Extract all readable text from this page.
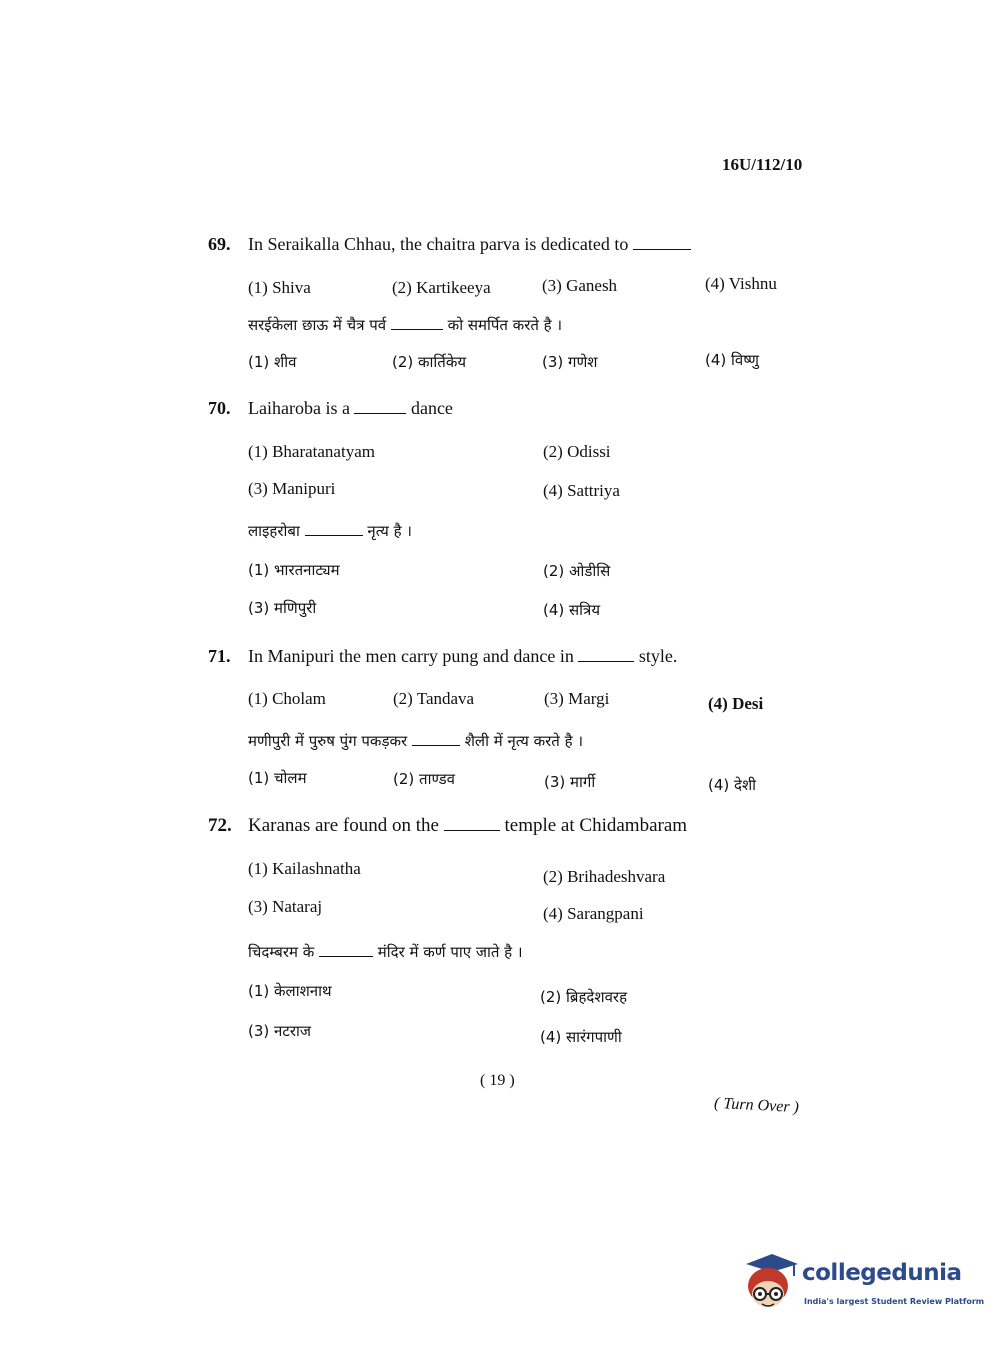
16U/112/10
69. In Seraikalla Chhau, the chaitra parva is dedicated to
(1) Shiva	(2) Kartikeeya	(3) Ganesh	(4) Vishnu
सरईकेला छाऊ में चैत्र पर्व	को समर्पित करते है ।
(1) शीव	(2) कार्तिकेय	(3) गणेश	(4) विष्णु
70. Laiharoba is a	dance
(1) Bharatanatyam	(2) Odissi
(3) Manipuri	(4) Sattriya
लाइहरोबा	नृत्य है ।
(1) भारतनाट्यम	(2) ओडीसि
(3) मणिपुरी	(4) सत्रिय
71. In Manipuri the men carry pung and dance in	style.
(1) Cholam	(2) Tandava	(3) Margi	(4) Desi
मणीपुरी में पुरुष पुंग पकड़कर	शैली में नृत्य करते है ।
(1) चोलम	(2) ताण्डव	(3) मार्गी	(4) देशी
72. Karanas are found on the	temple at Chidambaram
(1) Kailashnatha	(2) Brihadeshvara
(3) Nataraj	(4) Sarangpani
चिदम्बरम के	मंदिर में कर्ण पाए जाते है ।
(1) केलाशनाथ	(2) ब्रिहदेशवरह
(3) नटराज	(4) सारंगपाणी
( 19 )
( Turn Over )
collegedunia
India's largest Student Review Platform
